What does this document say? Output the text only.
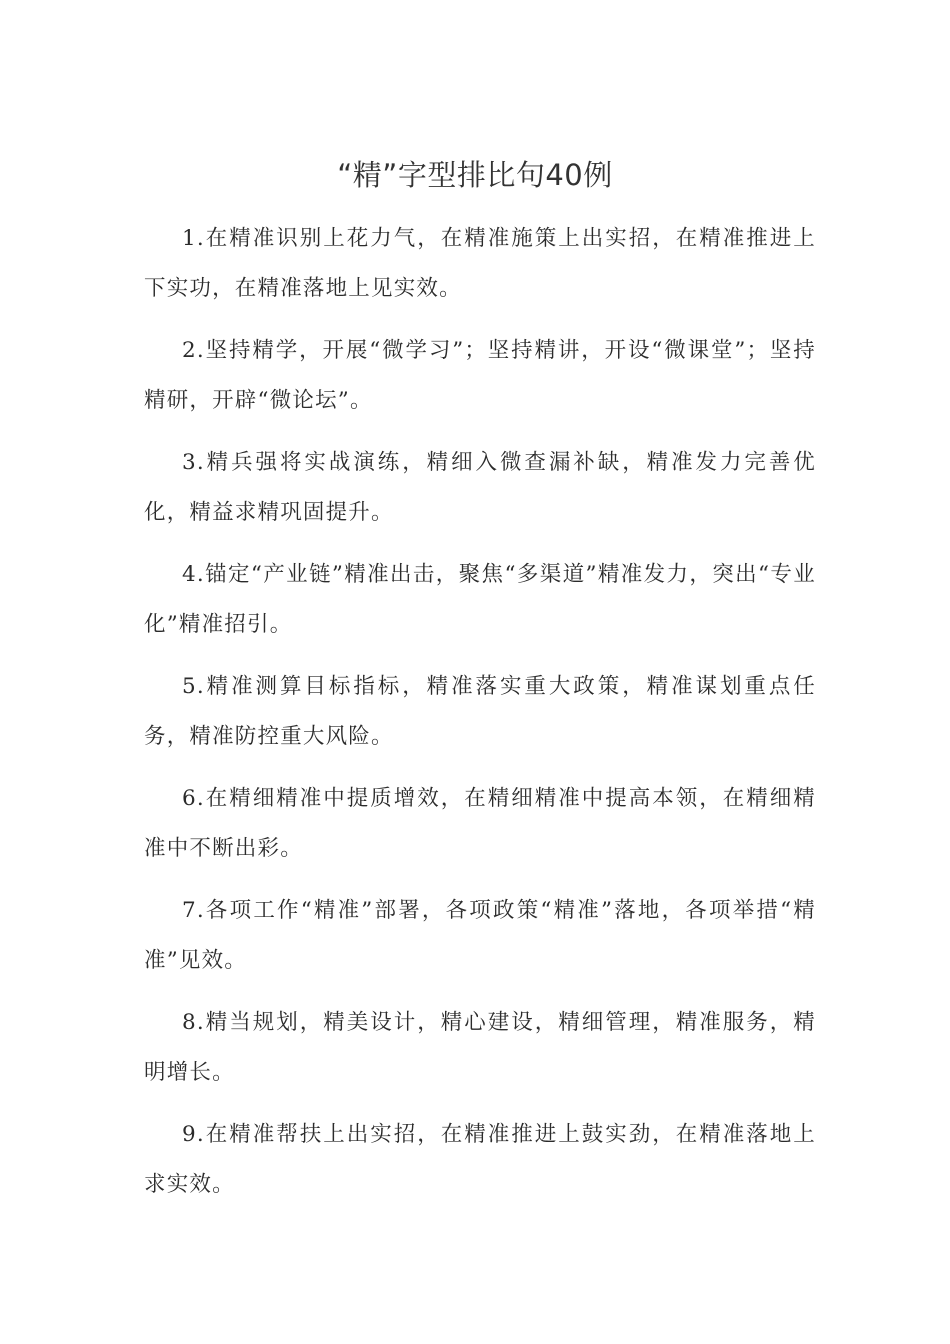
“精”字型排比句40例

1.在精准识别上花力气，在精准施策上出实招，在精准推进上下实功，在精准落地上见实效。

2.坚持精学，开展“微学习”；坚持精讲，开设“微课堂”；坚持精研，开辟“微论坛”。

3.精兵强将实战演练，精细入微查漏补缺，精准发力完善优化，精益求精巩固提升。

4.锚定“产业链”精准出击，聚焦“多渠道”精准发力，突出“专业化”精准招引。

5.精准测算目标指标，精准落实重大政策，精准谋划重点任务，精准防控重大风险。

6.在精细精准中提质增效，在精细精准中提高本领，在精细精准中不断出彩。

7.各项工作“精准”部署，各项政策“精准”落地，各项举措“精准”见效。

8.精当规划，精美设计，精心建设，精细管理，精准服务，精明增长。

9.在精准帮扶上出实招，在精准推进上鼓实劲，在精准落地上求实效。
